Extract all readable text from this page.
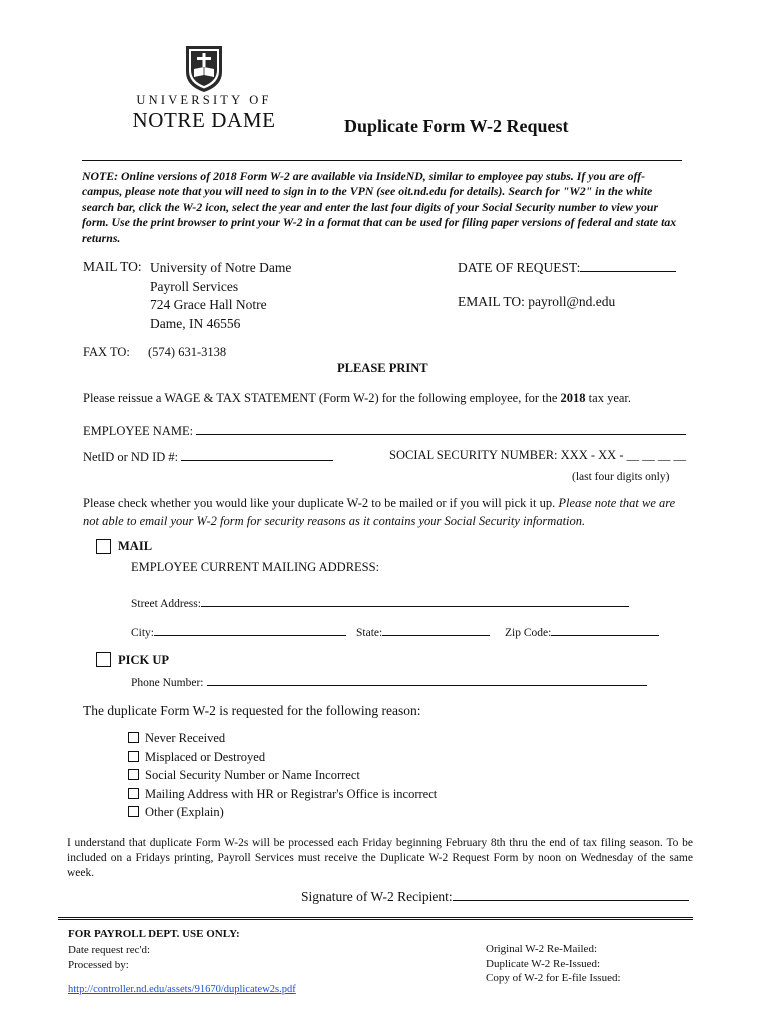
UNIVERSITY OF
NOTRE DAME	Duplicate Form W-2 Request
NOTE: Online versions of 2018 Form W-2 are available via InsideND, similar to employee pay stubs. If you are off-campus, please note that you will need to sign in to the VPN (see oit.nd.edu for details). Search for "W2" in the white search bar, click the W-2 icon, select the year and enter the last four digits of your Social Security number to view your form. Use the print browser to print your W-2 in a format that can be used for filing paper versions of federal and state tax returns.
MAIL TO: University of Notre Dame
Payroll Services
724 Grace Hall Notre
Dame, IN 46556
DATE OF REQUEST:
EMAIL TO: payroll@nd.edu
FAX TO: (574) 631-3138
PLEASE PRINT
Please reissue a WAGE & TAX STATEMENT (Form W-2) for the following employee, for the 2018 tax year.
EMPLOYEE NAME:
NetID or ND ID #:	SOCIAL SECURITY NUMBER: XXX - XX - __ __ __ __
(last four digits only)
Please check whether you would like your duplicate W-2 to be mailed or if you will pick it up. Please note that we are not able to email your W-2 form for security reasons as it contains your Social Security information.
MAIL
EMPLOYEE CURRENT MAILING ADDRESS:
Street Address:
City:	State:	Zip Code:
PICK UP
Phone Number:
The duplicate Form W-2 is requested for the following reason:
Never Received
Misplaced or Destroyed
Social Security Number or Name Incorrect
Mailing Address with HR or Registrar's Office is incorrect
Other (Explain)
I understand that duplicate Form W-2s will be processed each Friday beginning February 8th thru the end of tax filing season. To be included on a Fridays printing, Payroll Services must receive the Duplicate W-2 Request Form by noon on Wednesday of the same week.
Signature of W-2 Recipient:
FOR PAYROLL DEPT. USE ONLY:
Date request rec'd:
Processed by:
Original W-2 Re-Mailed:
Duplicate W-2 Re-Issued:
Copy of W-2 for E-file Issued:
http://controller.nd.edu/assets/91670/duplicatew2s.pdf
